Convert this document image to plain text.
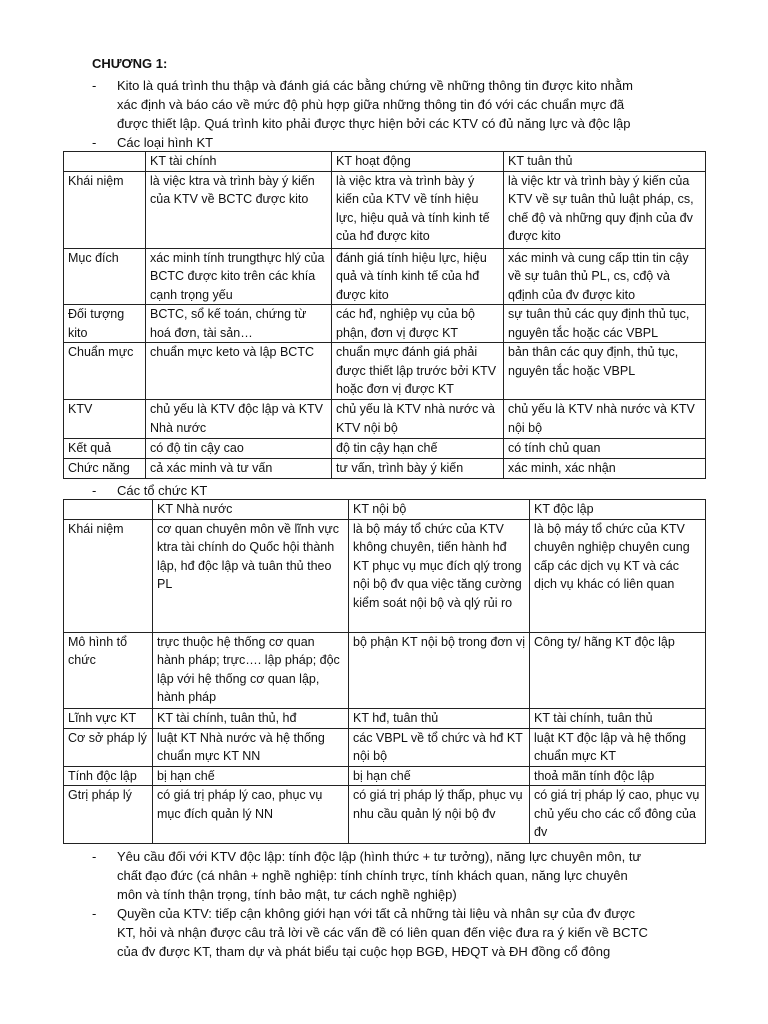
CHƯƠNG 1:
- Kito là quá trình thu thập và đánh giá các bằng chứng về những thông tin được kito nhằm
xác định và báo cáo về mức độ phù hợp giữa những thông tin đó với các chuẩn mực đã
được thiết lập. Quá trình kito phải được thực hiện bởi các KTV có đủ năng lực và độc lập
- Các loại hình KT
	KT tài chính	KT hoạt động	KT tuân thủ
Khái niệm	là việc ktra và trình bày ý kiến của KTV về BCTC được kito	là việc ktra và trình bày ý kiến của KTV về tính hiệu lực, hiệu quả và tính kinh tế của hđ được kito	là việc ktr và trình bày ý kiến của KTV về sự tuân thủ luật pháp, cs, chế độ và những quy định của đv được kito
Mục đích	xác minh tính trungthực hlý của BCTC được kito trên các khía cạnh trọng yếu	đánh giá tính hiệu lực, hiệu quả và tính kinh tế của hđ được kito	xác minh và cung cấp ttin tin cậy về sự tuân thủ PL, cs, cđộ và qđịnh của đv được kito
Đối tượng kito	BCTC, sổ kế toán, chứng từ hoá đơn, tài sản…	các hđ, nghiệp vụ của bộ phận, đơn vị được KT	sự tuân thủ các quy định thủ tục, nguyên tắc hoặc các VBPL
Chuẩn mực	chuẩn mực keto và lập BCTC	chuẩn mực đánh giá phải được thiết lập trước bởi KTV hoặc đơn vị được KT	bản thân các quy định, thủ tục, nguyên tắc hoặc VBPL
KTV	chủ yếu là KTV độc lập và KTV Nhà nước	chủ yếu là KTV nhà nước và KTV nội bộ	chủ yếu là KTV nhà nước và KTV nội bộ
Kết quả	có độ tin cậy cao	độ tin cậy hạn chế	có tính chủ quan
Chức năng	cả xác minh và tư vấn	tư vấn, trình bày ý kiến	xác minh, xác nhận
- Các tổ chức KT
	KT Nhà nước	KT nội bộ	KT độc lập
Khái niệm	cơ quan chuyên môn về lĩnh vực ktra tài chính do Quốc hội thành lập, hđ độc lập và tuân thủ theo PL	là bộ máy tổ chức của KTV không chuyên, tiến hành hđ KT phục vụ mục đích qlý trong nội bộ đv qua việc tăng cường kiểm soát nội bộ và qlý rủi ro	là bộ máy tổ chức của KTV chuyên nghiệp chuyên cung cấp các dịch vụ KT và các dịch vụ khác có liên quan
Mô hình tổ chức	trực thuộc hệ thống cơ quan hành pháp; trực…. lập pháp; độc lập với hệ thống cơ quan lập, hành pháp	bộ phận KT nội bộ trong đơn vị	Công ty/ hãng KT độc lập
Lĩnh vực KT	KT tài chính, tuân thủ, hđ	KT hđ, tuân thủ	KT tài chính, tuân thủ
Cơ sở pháp lý	luật KT Nhà nước và hệ thống chuẩn mực KT NN	các VBPL về tổ chức và hđ KT nội bộ	luật KT độc lập và hệ thống chuẩn mực KT
Tính độc lập	bị hạn chế	bị hạn chế	thoả mãn tính độc lập
Gtrị pháp lý	có giá trị pháp lý cao, phục vụ mục đích quản lý NN	có giá trị pháp lý thấp, phục vụ nhu cầu quản lý nội bộ đv	có giá trị pháp lý cao, phục vụ chủ yếu cho các cổ đông của đv
- Yêu cầu đối với KTV độc lập: tính độc lập (hình thức + tư tưởng), năng lực chuyên môn, tư
chất đạo đức (cá nhân + nghề nghiệp: tính chính trực, tính khách quan, năng lực chuyên
môn và tính thận trọng, tính bảo mật, tư cách nghề nghiệp)
- Quyền của KTV: tiếp cận không giới hạn với tất cả những tài liệu và nhân sự của đv được
KT, hỏi và nhận được câu trả lời về các vấn đề có liên quan đến việc đưa ra ý kiến về BCTC
của đv được KT, tham dự và phát biểu tại cuộc họp BGĐ, HĐQT và ĐH đồng cổ đông
